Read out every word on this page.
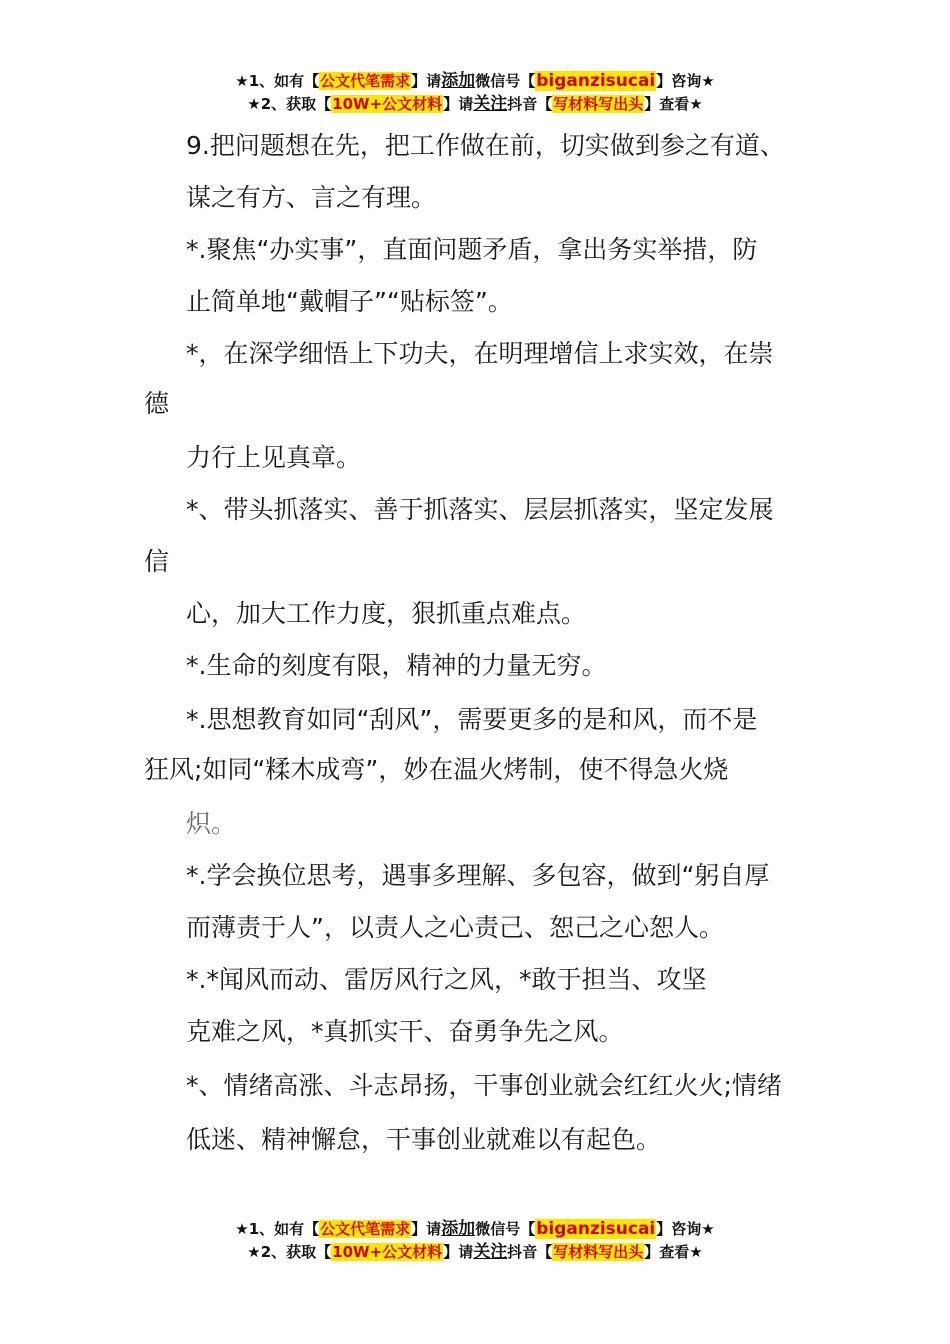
★1、如有【公文代笔需求】请添加微信号【biganzisucai】咨询★
★2、获取【10W+公文材料】请关注抖音【写材料写出头】查看★
9.把问题想在先，把工作做在前，切实做到参之有道、
谋之有方、言之有理。
*.聚焦“办实事”，直面问题矛盾，拿出务实举措，防
止简单地“戴帽子”“贴标签”。
*，在深学细悟上下功夫，在明理增信上求实效，在崇
德
力行上见真章。
*、带头抓落实、善于抓落实、层层抓落实，坚定发展
信
心，加大工作力度，狠抓重点难点。
*.生命的刻度有限，精神的力量无穷。
*.思想教育如同“刮风”，需要更多的是和风，而不是
狂风;如同“糅木成弯”，妙在温火烤制，使不得急火烧
炽。
*.学会换位思考，遇事多理解、多包容，做到“躬自厚
而薄责于人”，以责人之心责己、恕己之心恕人。
*.*闻风而动、雷厉风行之风，*敢于担当、攻坚
克难之风，*真抓实干、奋勇争先之风。
*、情绪高涨、斗志昂扬，干事创业就会红红火火;情绪
低迷、精神懈怠，干事创业就难以有起色。
★1、如有【公文代笔需求】请添加微信号【biganzisucai】咨询★
★2、获取【10W+公文材料】请关注抖音【写材料写出头】查看★
